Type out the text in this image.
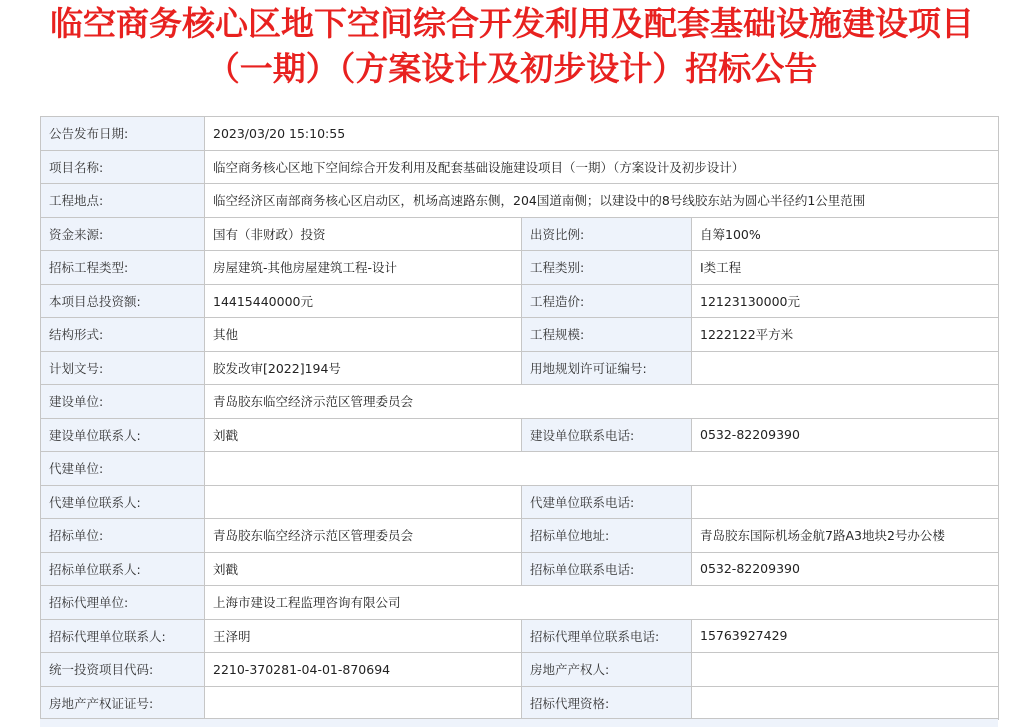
临空商务核心区地下空间综合开发利用及配套基础设施建设项目
（一期）（方案设计及初步设计）招标公告
公告发布日期:	2023/03/20 15:10:55		
项目名称:	临空商务核心区地下空间综合开发利用及配套基础设施建设项目（一期）（方案设计及初步设计）		
工程地点:	临空经济区南部商务核心区启动区，机场高速路东侧，204国道南侧；以建设中的8号线胶东站为圆心半径约1公里范围		
资金来源:	国有（非财政）投资	出资比例:	自筹100%
招标工程类型:	房屋建筑-其他房屋建筑工程-设计	工程类别:	Ⅰ类工程
本项目总投资额:	14415440000元	工程造价:	12123130000元
结构形式:	其他	工程规模:	1222122平方米
计划文号:	胶发改审[2022]194号	用地规划许可证编号:	
建设单位:	青岛胶东临空经济示范区管理委员会		
建设单位联系人:	刘戳	建设单位联系电话:	0532-82209390
代建单位:			
代建单位联系人:		代建单位联系电话:	
招标单位:	青岛胶东临空经济示范区管理委员会	招标单位地址:	青岛胶东国际机场金航7路A3地块2号办公楼
招标单位联系人:	刘戳	招标单位联系电话:	0532-82209390
招标代理单位:	上海市建设工程监理咨询有限公司		
招标代理单位联系人:	王泽明	招标代理单位联系电话:	15763927429
统一投资项目代码:	2210-370281-04-01-870694	房地产产权人:	
房地产产权证证号:		招标代理资格:	
